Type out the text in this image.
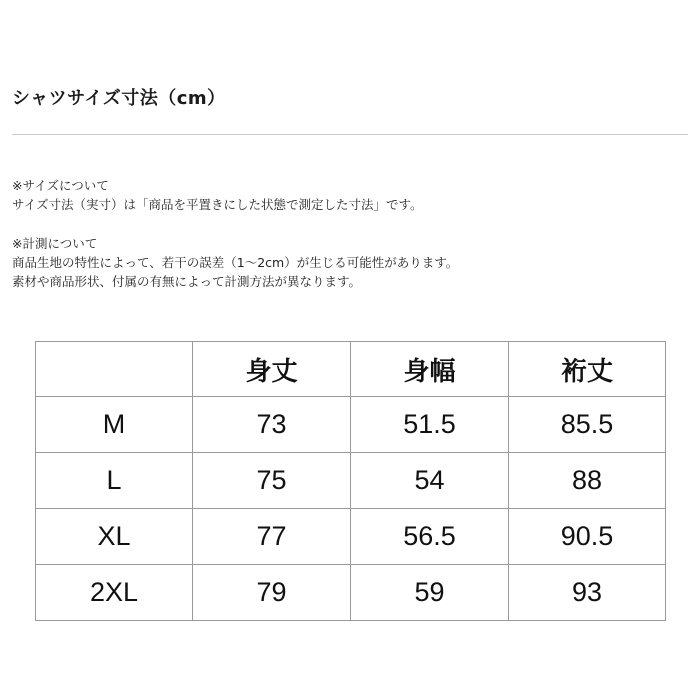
シャツサイズ寸法（cm）
※サイズについて
サイズ寸法（実寸）は「商品を平置きにした状態で測定した寸法」です。
※計測について
商品生地の特性によって、若干の誤差（1～2cm）が生じる可能性があります。
素材や商品形状、付属の有無によって計測方法が異なります。
	身丈	身幅	裄丈
M	73	51.5	85.5
L	75	54	88
XL	77	56.5	90.5
2XL	79	59	93
